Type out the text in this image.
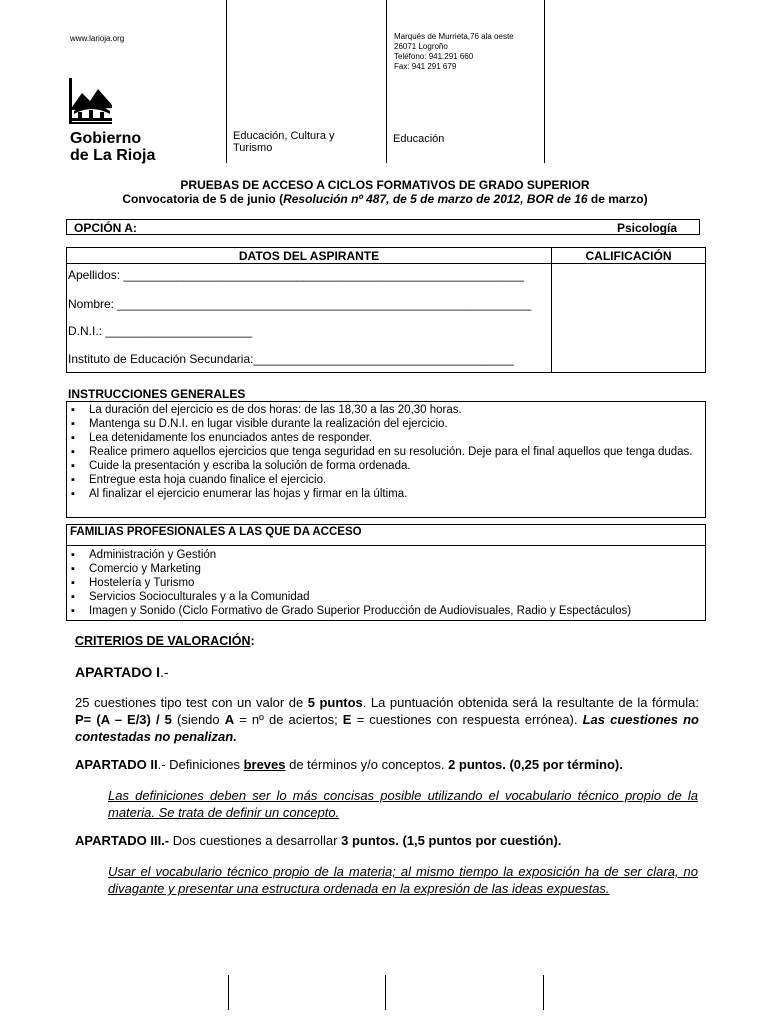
www.larioja.org	Marqués de Murrieta,76 ala oeste
26071 Logroño
Teléfono: 941.291 660
Fax: 941 291 679
Gobierno
de La Rioja
Educación, Cultura y
Turismo
Educación
PRUEBAS DE ACCESO A CICLOS FORMATIVOS DE GRADO SUPERIOR
Convocatoria de 5 de junio (Resolución nº 487, de 5 de marzo de 2012, BOR de 16 de marzo)
OPCIÓN A:	Psicología
DATOS DEL ASPIRANTE	CALIFICACIÓN
Apellidos: ____________________________________________________________
Nombre: ______________________________________________________________
D.N.I.: ______________________
Instituto de Educación Secundaria:_______________________________________
INSTRUCCIONES GENERALES
▪ La duración del ejercicio es de dos horas: de las 18,30 a las 20,30 horas.
▪ Mantenga su D.N.I. en lugar visible durante la realización del ejercicio.
▪ Lea detenidamente los enunciados antes de responder.
▪ Realice primero aquellos ejercicios que tenga seguridad en su resolución. Deje para el final aquellos que tenga dudas.
▪ Cuide la presentación y escriba la solución de forma ordenada.
▪ Entregue esta hoja cuando finalice el ejercicio.
▪ Al finalizar el ejercicio enumerar las hojas y firmar en la última.
FAMILIAS PROFESIONALES A LAS QUE DA ACCESO
▪ Administración y Gestión
▪ Comercio y Marketing
▪ Hostelería y Turismo
▪ Servicios Socioculturales y a la Comunidad
▪ Imagen y Sonido (Ciclo Formativo de Grado Superior Producción de Audiovisuales, Radio y Espectáculos)
CRITERIOS DE VALORACIÓN:
APARTADO I.-
25 cuestiones tipo test con un valor de 5 puntos. La puntuación obtenida será la resultante de la fórmula: P= (A – E/3) / 5 (siendo A = nº de aciertos; E = cuestiones con respuesta errónea). Las cuestiones no contestadas no penalizan.
APARTADO II.- Definiciones breves de términos y/o conceptos. 2 puntos. (0,25 por término).
Las definiciones deben ser lo más concisas posible utilizando el vocabulario técnico propio de la materia. Se trata de definir un concepto.
APARTADO III.- Dos cuestiones a desarrollar 3 puntos. (1,5 puntos por cuestión).
Usar el vocabulario técnico propio de la materia; al mismo tiempo la exposición ha de ser clara, no divagante y presentar una estructura ordenada en la expresión de las ideas expuestas.
